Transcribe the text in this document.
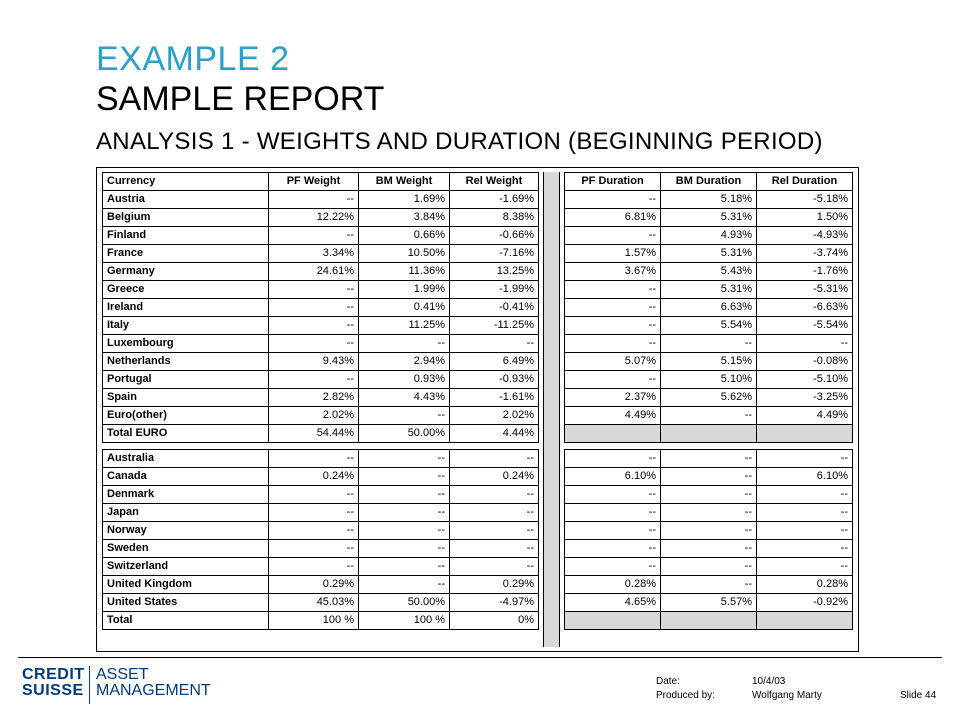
EXAMPLE 2
SAMPLE REPORT
ANALYSIS 1 - WEIGHTS AND DURATION (BEGINNING PERIOD)
Currency	PF Weight	BM Weight	Rel Weight
Austria	--	1.69%	-1.69%
Belgium	12.22%	3.84%	8.38%
Finland	--	0.66%	-0.66%
France	3.34%	10.50%	-7.16%
Germany	24.61%	11.36%	13.25%
Greece	--	1.99%	-1.99%
Ireland	--	0.41%	-0.41%
Italy	--	11.25%	-11.25%
Luxembourg	--	--	--
Netherlands	9.43%	2.94%	6.49%
Portugal	--	0.93%	-0.93%
Spain	2.82%	4.43%	-1.61%
Euro(other)	2.02%	--	2.02%
Total EURO	54.44%	50.00%	4.44%

Australia	--	--	--
Canada	0.24%	--	0.24%
Denmark	--	--	--
Japan	--	--	--
Norway	--	--	--
Sweden	--	--	--
Switzerland	--	--	--
United Kingdom	0.29%	--	0.29%
United States	45.03%	50.00%	-4.97%
Total	100 %	100 %	0%
PF Duration	BM Duration	Rel Duration
--	5.18%	-5.18%
6.81%	5.31%	1.50%
--	4.93%	-4.93%
1.57%	5.31%	-3.74%
3.67%	5.43%	-1.76%
--	5.31%	-5.31%
--	6.63%	-6.63%
--	5.54%	-5.54%
--	--	--
5.07%	5.15%	-0.08%
--	5.10%	-5.10%
2.37%	5.62%	-3.25%
4.49%	--	4.49%

--	--	--
6.10%	--	6.10%
--	--	--
--	--	--
--	--	--
--	--	--
--	--	--
0.28%	--	0.28%
4.65%	5.57%	-0.92%

CREDIT
SUISSE
ASSET
MANAGEMENT
Date:	10/4/03
Produced by:	Wolfgang Marty	Slide 44
